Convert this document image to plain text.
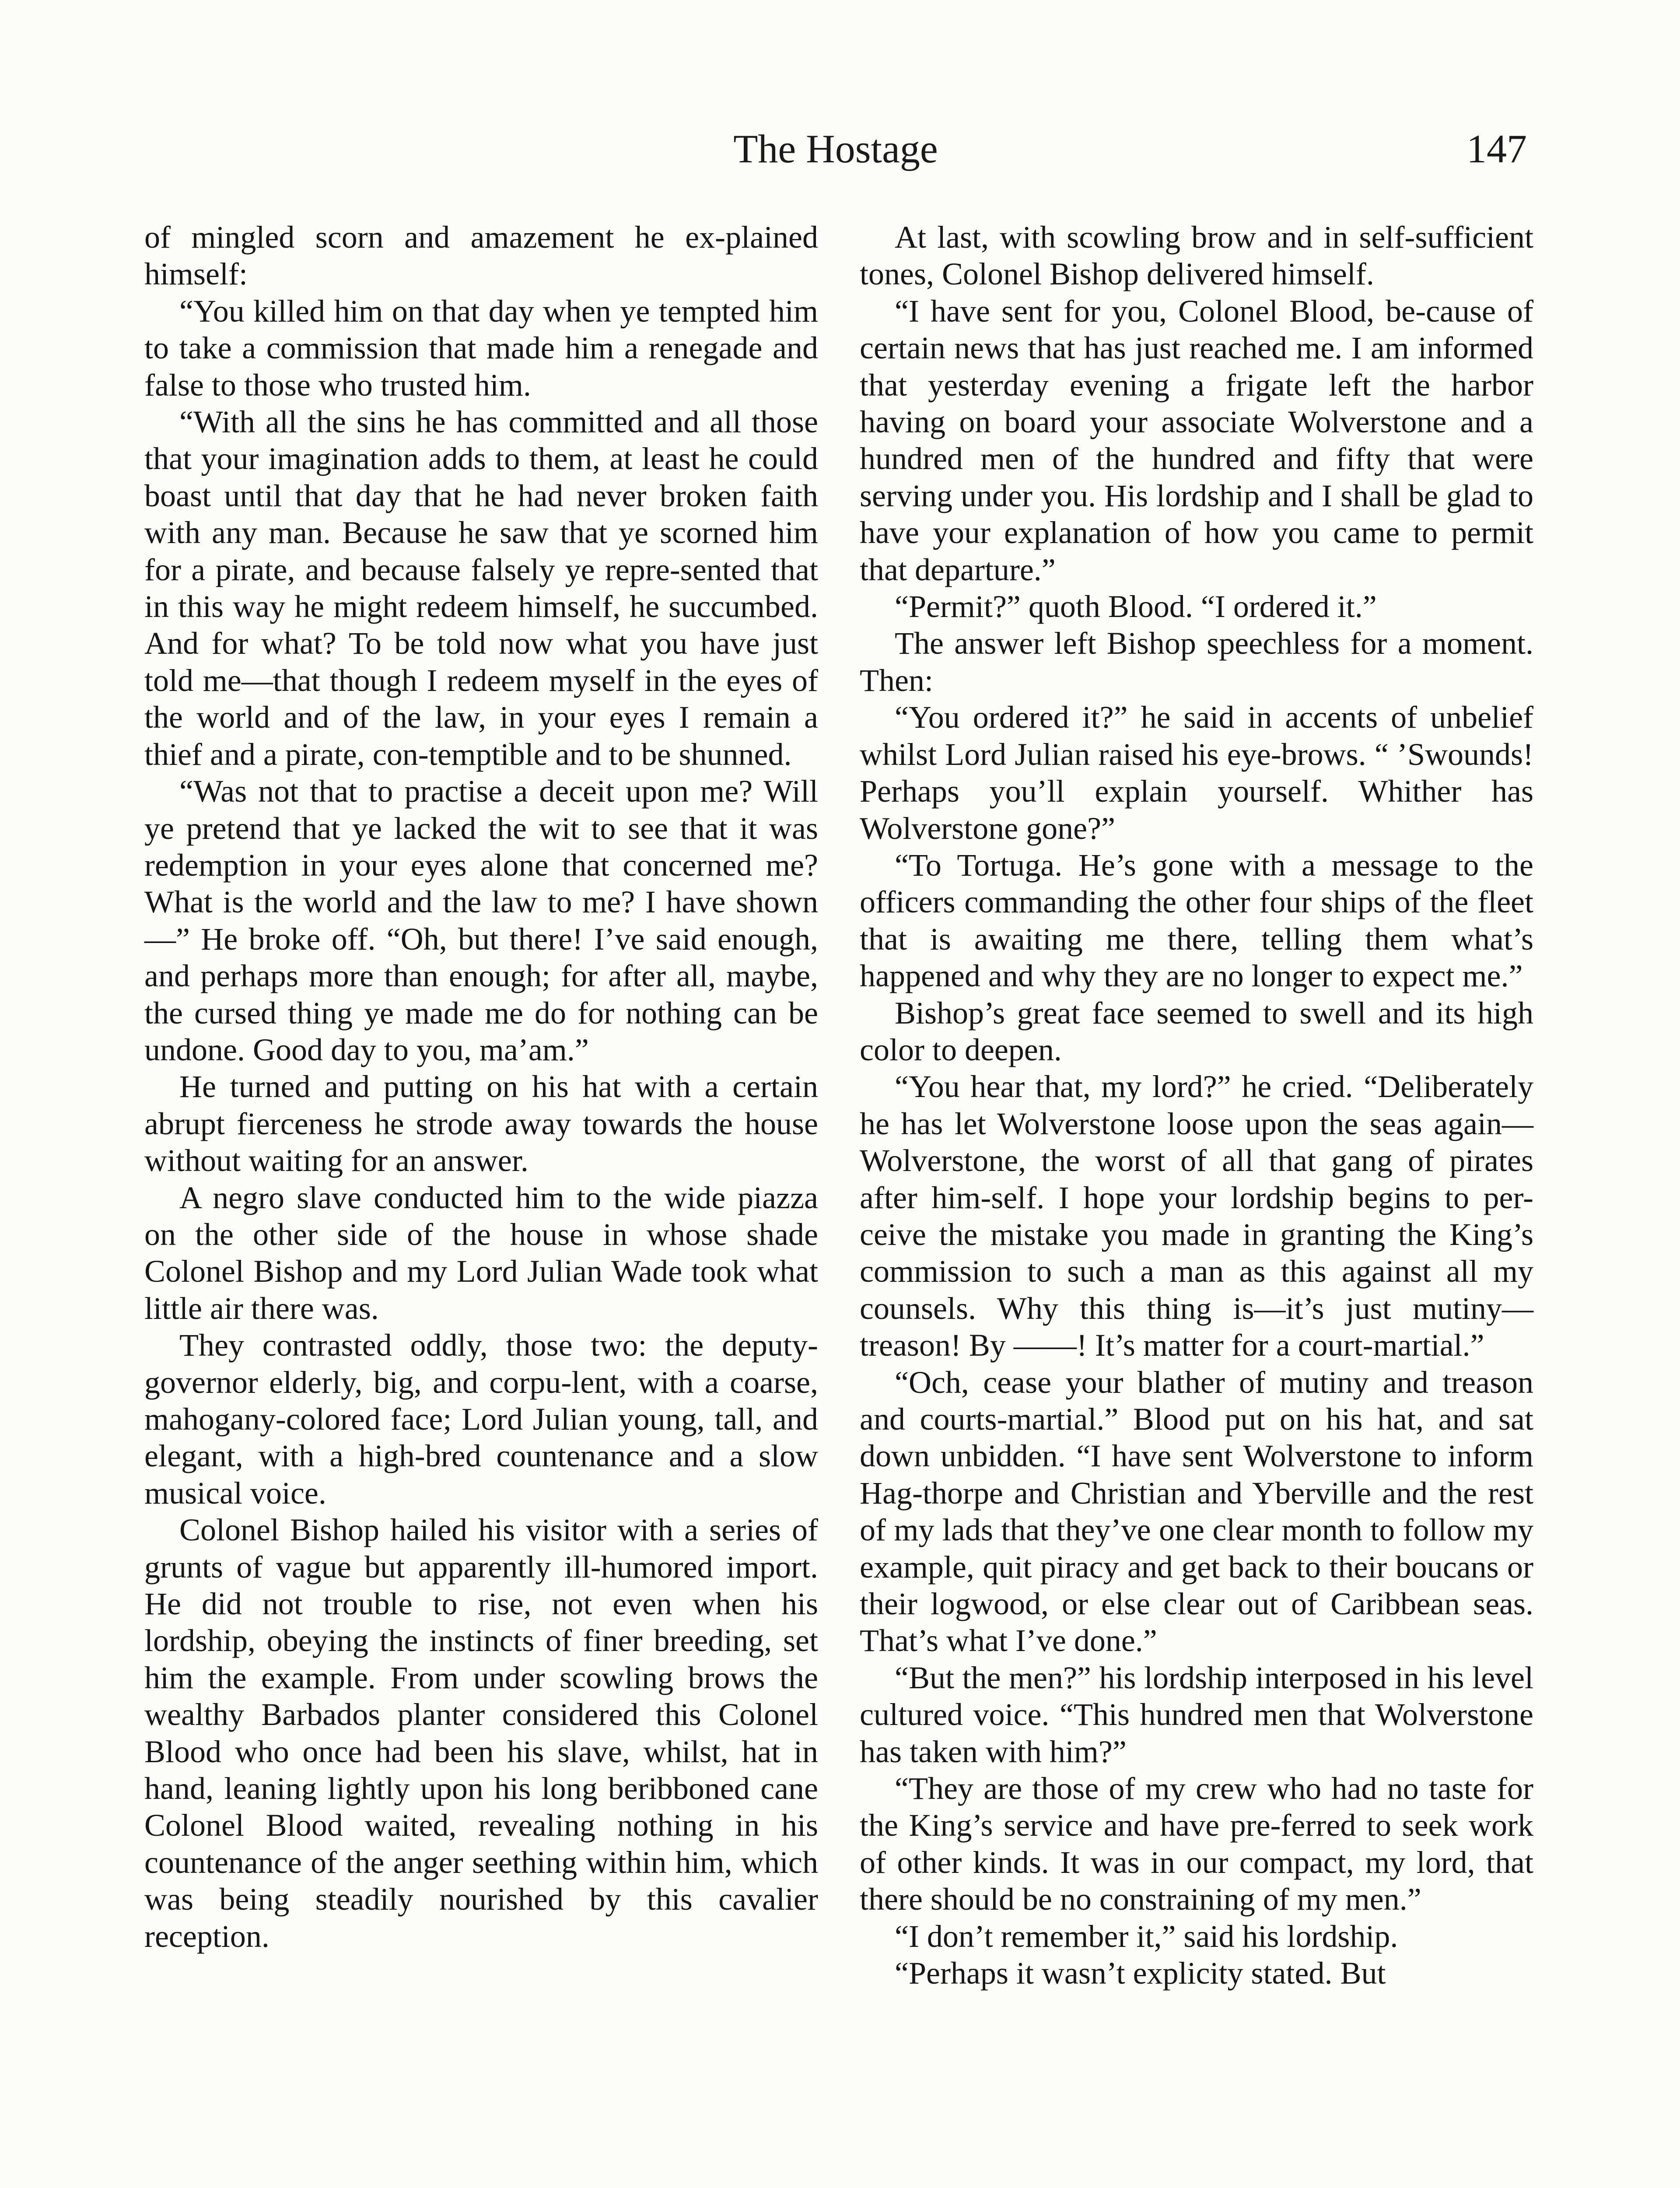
The Hostage	147

of mingled scorn and amazement he ex-plained himself:

“You killed him on that day when ye tempted him to take a commission that made him a renegade and false to those who trusted him.

“With all the sins he has committed and all those that your imagination adds to them, at least he could boast until that day that he had never broken faith with any man. Because he saw that ye scorned him for a pirate, and because falsely ye repre-sented that in this way he might redeem himself, he succumbed. And for what? To be told now what you have just told me—that though I redeem myself in the eyes of the world and of the law, in your eyes I remain a thief and a pirate, con-temptible and to be shunned.

“Was not that to practise a deceit upon me? Will ye pretend that ye lacked the wit to see that it was redemption in your eyes alone that concerned me? What is the world and the law to me? I have shown—” He broke off. “Oh, but there! I’ve said enough, and perhaps more than enough; for after all, maybe, the cursed thing ye made me do for nothing can be undone. Good day to you, ma’am.”

He turned and putting on his hat with a certain abrupt fierceness he strode away towards the house without waiting for an answer.

A negro slave conducted him to the wide piazza on the other side of the house in whose shade Colonel Bishop and my Lord Julian Wade took what little air there was.

They contrasted oddly, those two: the deputy-governor elderly, big, and corpu-lent, with a coarse, mahogany-colored face; Lord Julian young, tall, and elegant, with a high-bred countenance and a slow musical voice.

Colonel Bishop hailed his visitor with a series of grunts of vague but apparently ill-humored import. He did not trouble to rise, not even when his lordship, obeying the instincts of finer breeding, set him the example. From under scowling brows the wealthy Barbados planter considered this Colonel Blood who once had been his slave, whilst, hat in hand, leaning lightly upon his long beribboned cane Colonel Blood waited, revealing nothing in his countenance of the anger seething within him, which was being steadily nourished by this cavalier reception.

At last, with scowling brow and in self-sufficient tones, Colonel Bishop delivered himself.

“I have sent for you, Colonel Blood, be-cause of certain news that has just reached me. I am informed that yesterday evening a frigate left the harbor having on board your associate Wolverstone and a hundred men of the hundred and fifty that were serving under you. His lordship and I shall be glad to have your explanation of how you came to permit that departure.”

“Permit?” quoth Blood. “I ordered it.”

The answer left Bishop speechless for a moment. Then:

“You ordered it?” he said in accents of unbelief whilst Lord Julian raised his eye-brows. “ ’Swounds! Perhaps you’ll explain yourself. Whither has Wolverstone gone?”

“To Tortuga. He’s gone with a message to the officers commanding the other four ships of the fleet that is awaiting me there, telling them what’s happened and why they are no longer to expect me.”

Bishop’s great face seemed to swell and its high color to deepen.

“You hear that, my lord?” he cried. “Deliberately he has let Wolverstone loose upon the seas again—Wolverstone, the worst of all that gang of pirates after him-self. I hope your lordship begins to per-ceive the mistake you made in granting the King’s commission to such a man as this against all my counsels. Why this thing is—it’s just mutiny—treason! By ——! It’s matter for a court-martial.”

“Och, cease your blather of mutiny and treason and courts-martial.” Blood put on his hat, and sat down unbidden. “I have sent Wolverstone to inform Hag-thorpe and Christian and Yberville and the rest of my lads that they’ve one clear month to follow my example, quit piracy and get back to their boucans or their logwood, or else clear out of Caribbean seas. That’s what I’ve done.”

“But the men?” his lordship interposed in his level cultured voice. “This hundred men that Wolverstone has taken with him?”

“They are those of my crew who had no taste for the King’s service and have pre-ferred to seek work of other kinds. It was in our compact, my lord, that there should be no constraining of my men.”

“I don’t remember it,” said his lordship.

“Perhaps it wasn’t explicity stated. But
